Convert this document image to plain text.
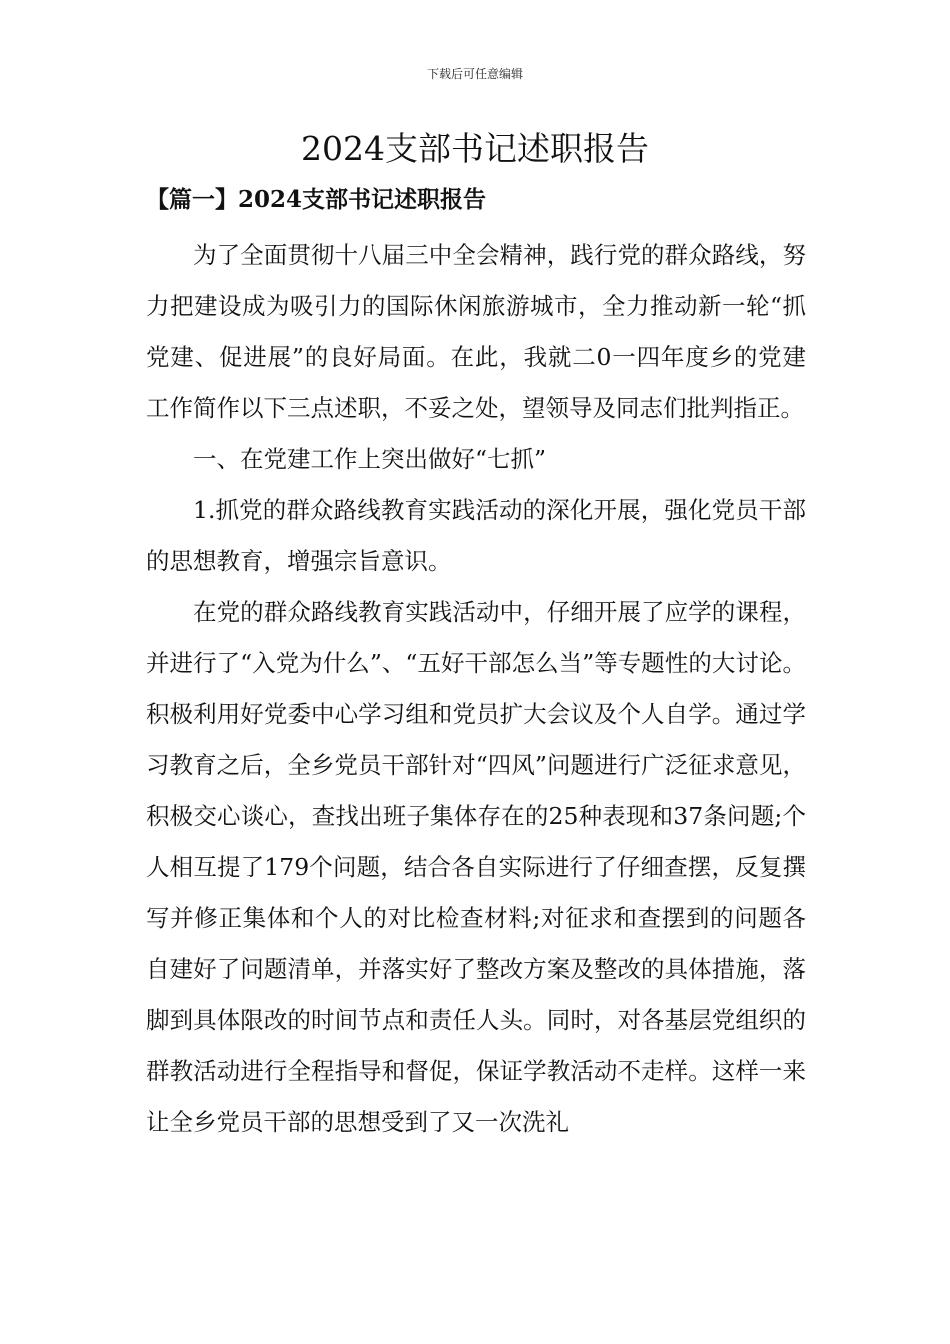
下载后可任意编辑
2024支部书记述职报告
【篇一】2024支部书记述职报告

为了全面贯彻十八届三中全会精神，践行党的群众路线，努力把建设成为吸引力的国际休闲旅游城市，全力推动新一轮“抓党建、促进展”的良好局面。在此，我就二0一四年度乡的党建工作简作以下三点述职，不妥之处，望领导及同志们批判指正。

一、在党建工作上突出做好“七抓”

1.抓党的群众路线教育实践活动的深化开展，强化党员干部的思想教育，增强宗旨意识。

在党的群众路线教育实践活动中，仔细开展了应学的课程，并进行了“入党为什么”、“五好干部怎么当”等专题性的大讨论。积极利用好党委中心学习组和党员扩大会议及个人自学。通过学习教育之后，全乡党员干部针对“四风”问题进行广泛征求意见，积极交心谈心，查找出班子集体存在的25种表现和37条问题;个人相互提了179个问题，结合各自实际进行了仔细查摆，反复撰写并修正集体和个人的对比检查材料;对征求和查摆到的问题各自建好了问题清单，并落实好了整改方案及整改的具体措施，落脚到具体限改的时间节点和责任人头。同时，对各基层党组织的群教活动进行全程指导和督促，保证学教活动不走样。这样一来让全乡党员干部的思想受到了又一次洗礼
